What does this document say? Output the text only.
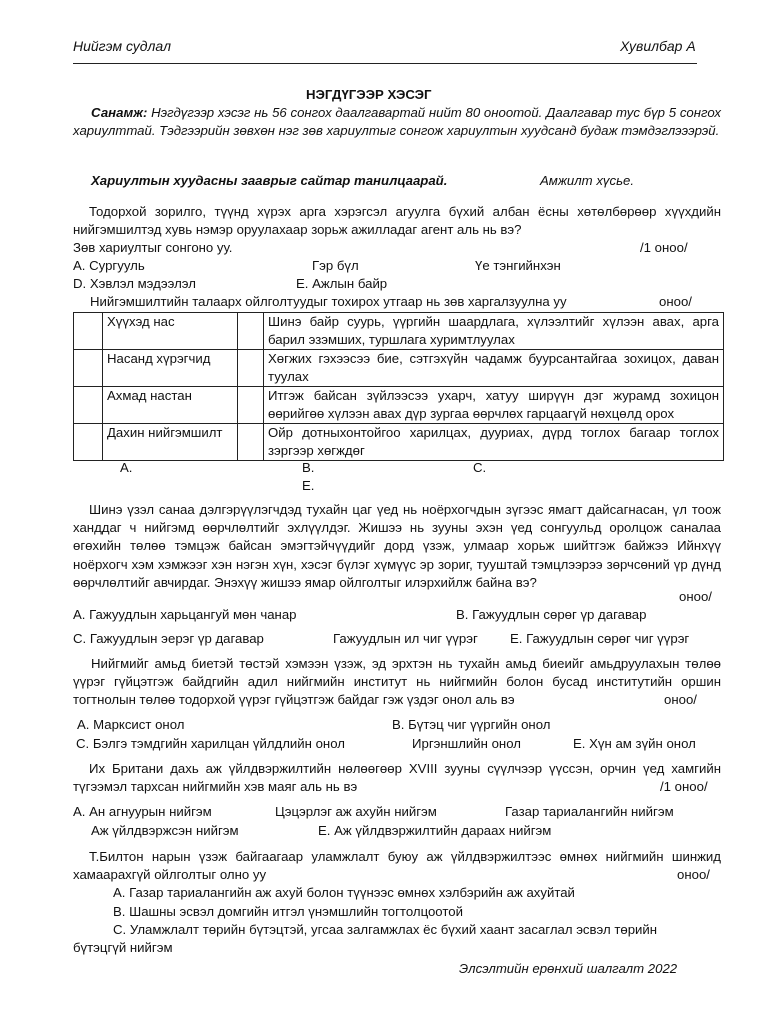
Нийгэм судлал	Хувилбар А
НЭГДҮГЭЭР ХЭСЭГ
Санамж: Нэгдүгээр хэсэг нь 56 сонгох даалгавартай нийт 80 оноотой. Даалгавар тус бүр 5 сонгох хариулттай. Тэдгээрийн зөвхөн нэг зөв хариултыг сонгож хариултын хуудсанд будаж тэмдэглэээрэй.
Хариултын хуудасны зааврыг сайтар танилцаарай.	Амжилт хүсье.
Тодорхой зорилго, түүнд хүрэх арга хэрэгсэл агуулга бүхий албан ёсны хөтөлбөрөөр хүүхдийн нийгэмшилтэд хувь нэмэр оруулахаар зорьж ажилладаг агент аль нь вэ?
Зөв хариултыг сонгоно уу.	/1 оноо/
A. Сургууль	Гэр бүл	Үе тэнгийнхэн
D. Хэвлэл мэдээлэл	E. Ажлын байр
Нийгэмшилтийн талаарх ойлголтуудыг тохирох утгаар нь зөв харгалзуулна уу	оноо/
	Хүүхэд нас		Шинэ байр суурь, үүргийн шаардлага, хүлээлтийг хүлээн авах, арга барил эзэмших, туршлага хуримтлуулах
	Насанд хүрэгчид		Хөгжих гэхээсээ бие, сэтгэхүйн чадамж буурсантайгаа зохицох, даван туулах
	Ахмад настан		Итгэж байсан зүйлээсээ ухарч, хатуу ширүүн дэг журамд зохицон өөрийгөө хүлээн авах дүр зургаа өөрчлөх гарцаагүй нөхцөлд орох
	Дахин нийгэмшилт		Ойр дотныхонтойгоо харилцах, дууриах, дүрд тоглох багаар тоглох зэргээр хөгждөг
A.	B.	C.
E.
Шинэ үзэл санаа дэлгэрүүлэгчдэд тухайн цаг үед нь ноёрхогчдын зүгээс ямагт дайсагнасан, үл тоож ханддаг ч нийгэмд өөрчлөлтийг эхлүүлдэг. Жишээ нь зууны эхэн үед сонгуульд оролцож саналаа өгөхийн төлөө тэмцэж байсан эмэгтэйчүүдийг дорд үзэж, улмаар хорьж шийтгэж байжээ Ийнхүү ноёрхогч хэм хэмжээг хэн нэгэн хүн, хэсэг бүлэг хүмүүс эр зориг, тууштай тэмцлээрээ зөрчсөний үр дүнд өөрчлөлтийг авчирдаг. Энэхүү жишээ ямар ойлголтыг илэрхийлж байна вэ?
оноо/
A. Гажуудлын харьцангуй мөн чанар	B. Гажуудлын сөрөг үр дагавар
C. Гажуудлын эерэг үр дагавар	Гажуудлын ил чиг үүрэг E. Гажуудлын сөрөг чиг үүрэг
Нийгмийг амьд биетэй төстэй хэмээн үзэж, эд эрхтэн нь тухайн амьд биеийг амьдруулахын төлөө үүрэг гүйцэтгэж байдгийн адил нийгмийн институт нь нийгмийн болон бусад институтийн оршин тогтнолын төлөө тодорхой үүрэг гүйцэтгэж байдаг гэж үздэг онол аль вэ	оноо/
A. Марксист онол	B. Бүтэц чиг үүргийн онол
C. Бэлгэ тэмдгийн харилцан үйлдлийн онол	Иргэншлийн онол	E. Хүн ам зүйн онол
Их Британи дахь аж үйлдвэржилтийн нөлөөгөөр XVIII зууны сүүлчээр үүссэн, орчин үед хамгийн түгээмэл тархсан нийгмийн хэв маяг аль нь вэ	/1 оноо/
A. Ан агнуурын нийгэм	Цэцэрлэг аж ахуйн нийгэм	Газар тариалангийн нийгэм
Аж үйлдвэржсэн нийгэм	E. Аж үйлдвэржилтийн дараах нийгэм
Т.Билтон нарын үзэж байгаагаар уламжлалт буюу аж үйлдвэржилтээс өмнөх нийгмийн шинжид хамаарахгүй ойлголтыг олно уу	оноо/
A. Газар тариалангийн аж ахуй болон түүнээс өмнөх хэлбэрийн аж ахуйтай
B. Шашны эсвэл домгийн итгэл үнэмшлийн тогтолцоотой
C. Уламжлалт төрийн бүтэцтэй, угсаа залгамжлах ёс бүхий хаант засаглал эсвэл төрийн
бүтэцгүй нийгэм
Элсэлтийн ерөнхий шалгалт 2022
